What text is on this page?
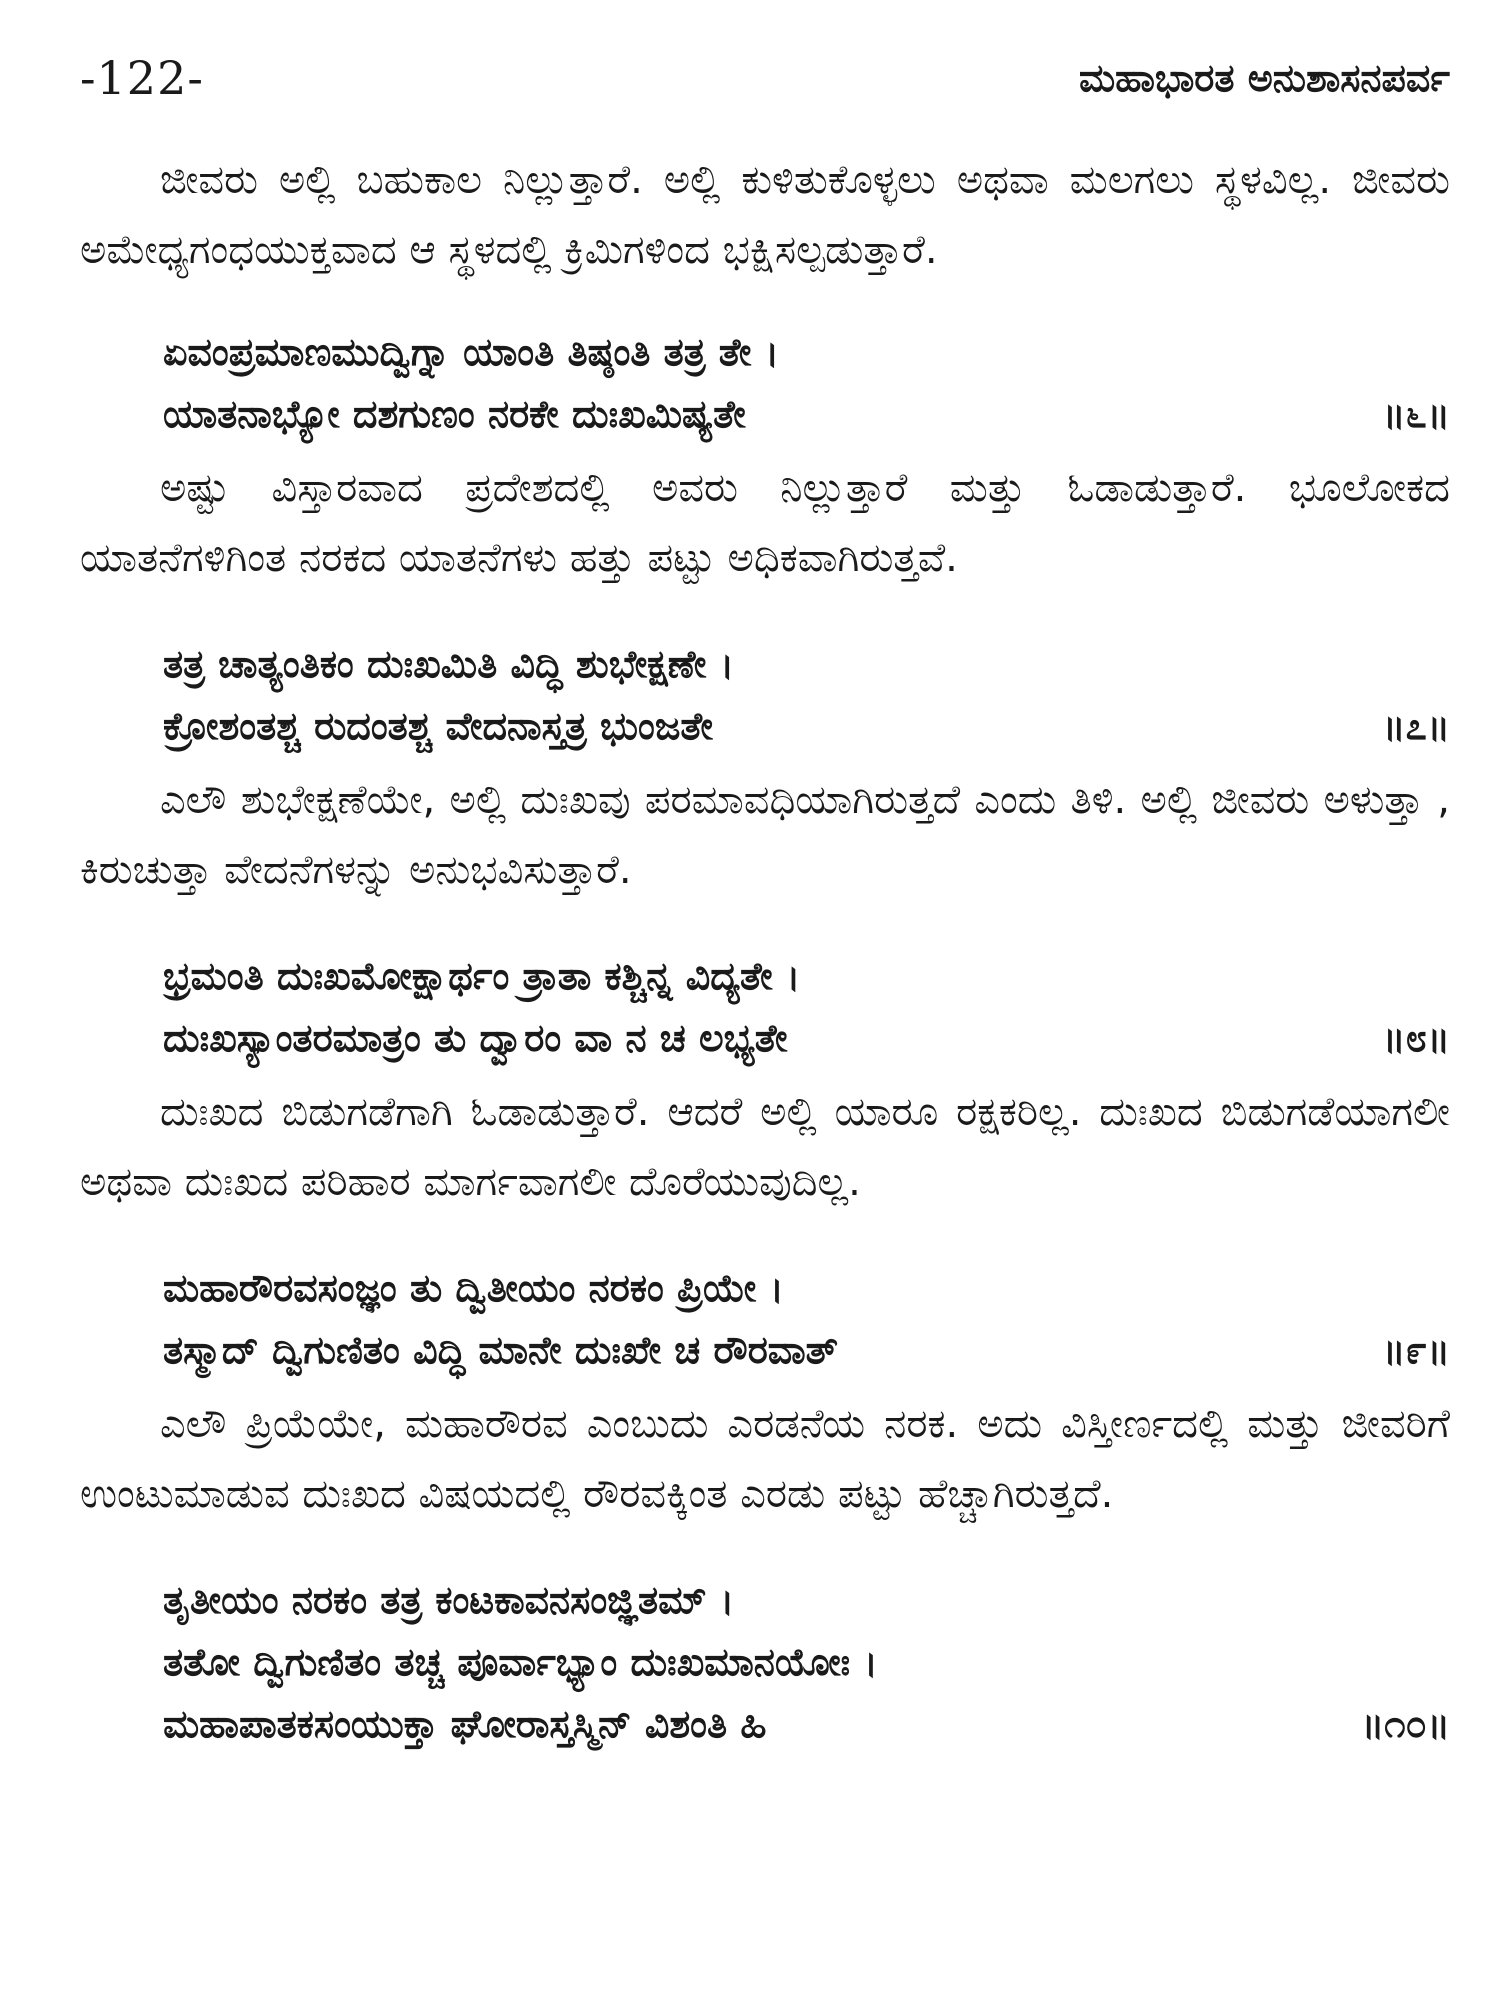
-122-	ಮಹಾಭಾರತ ಅನುಶಾಸನಪರ್ವ

ಜೀವರು ಅಲ್ಲಿ ಬಹುಕಾಲ ನಿಲ್ಲುತ್ತಾರೆ. ಅಲ್ಲಿ ಕುಳಿತುಕೊಳ್ಳಲು ಅಥವಾ ಮಲಗಲು ಸ್ಥಳವಿಲ್ಲ. ಜೀವರು ಅಮೇಧ್ಯಗಂಧಯುಕ್ತವಾದ ಆ ಸ್ಥಳದಲ್ಲಿ ಕ್ರಿಮಿಗಳಿಂದ ಭಕ್ಷಿಸಲ್ಪಡುತ್ತಾರೆ.

ಏವಂಪ್ರಮಾಣಮುದ್ವಿಗ್ನಾ ಯಾಂತಿ ತಿಷ್ಠಂತಿ ತತ್ರ ತೇ ।
ಯಾತನಾಭ್ಯೋ ದಶಗುಣಂ ನರಕೇ ದುಃಖಮಿಷ್ಯತೇ	॥೬॥

ಅಷ್ಟು ವಿಸ್ತಾರವಾದ ಪ್ರದೇಶದಲ್ಲಿ ಅವರು ನಿಲ್ಲುತ್ತಾರೆ ಮತ್ತು ಓಡಾಡುತ್ತಾರೆ. ಭೂಲೋಕದ ಯಾತನೆಗಳಿಗಿಂತ ನರಕದ ಯಾತನೆಗಳು ಹತ್ತು ಪಟ್ಟು ಅಧಿಕವಾಗಿರುತ್ತವೆ.

ತತ್ರ ಚಾತ್ಯಂತಿಕಂ ದುಃಖಮಿತಿ ವಿದ್ಧಿ ಶುಭೇಕ್ಷಣೇ ।
ಕ್ರೋಶಂತಶ್ಚ ರುದಂತಶ್ಚ ವೇದನಾಸ್ತತ್ರ ಭುಂಜತೇ	॥೭॥

ಎಲೌ ಶುಭೇಕ್ಷಣೆಯೇ, ಅಲ್ಲಿ ದುಃಖವು ಪರಮಾವಧಿಯಾಗಿರುತ್ತದೆ ಎಂದು ತಿಳಿ. ಅಲ್ಲಿ ಜೀವರು ಅಳುತ್ತಾ , ಕಿರುಚುತ್ತಾ ವೇದನೆಗಳನ್ನು ಅನುಭವಿಸುತ್ತಾರೆ.

ಭ್ರಮಂತಿ ದುಃಖಮೋಕ್ಷಾರ್ಥಂ ತ್ರಾತಾ ಕಶ್ಚಿನ್ನ ವಿದ್ಯತೇ ।
ದುಃಖಸ್ಯಾಂತರಮಾತ್ರಂ ತು ದ್ವಾರಂ ವಾ ನ ಚ ಲಭ್ಯತೇ	॥೮॥

ದುಃಖದ ಬಿಡುಗಡೆಗಾಗಿ ಓಡಾಡುತ್ತಾರೆ. ಆದರೆ ಅಲ್ಲಿ ಯಾರೂ ರಕ್ಷಕರಿಲ್ಲ. ದುಃಖದ ಬಿಡುಗಡೆಯಾಗಲೀ ಅಥವಾ ದುಃಖದ ಪರಿಹಾರ ಮಾರ್ಗವಾಗಲೀ ದೊರೆಯುವುದಿಲ್ಲ.

ಮಹಾರೌರವಸಂಜ್ಞಂ ತು ದ್ವಿತೀಯಂ ನರಕಂ ಪ್ರಿಯೇ ।
ತಸ್ಮಾದ್ ದ್ವಿಗುಣಿತಂ ವಿದ್ಧಿ ಮಾನೇ ದುಃಖೇ ಚ ರೌರವಾತ್	॥೯॥

ಎಲೌ ಪ್ರಿಯೆಯೇ, ಮಹಾರೌರವ ಎಂಬುದು ಎರಡನೆಯ ನರಕ. ಅದು ವಿಸ್ತೀರ್ಣದಲ್ಲಿ ಮತ್ತು ಜೀವರಿಗೆ ಉಂಟುಮಾಡುವ ದುಃಖದ ವಿಷಯದಲ್ಲಿ ರೌರವಕ್ಕಿಂತ ಎರಡು ಪಟ್ಟು ಹೆಚ್ಚಾಗಿರುತ್ತದೆ.

ತೃತೀಯಂ ನರಕಂ ತತ್ರ ಕಂಟಕಾವನಸಂಜ್ಞಿತಮ್ ।
ತತೋ ದ್ವಿಗುಣಿತಂ ತಚ್ಚ ಪೂರ್ವಾಭ್ಯಾಂ ದುಃಖಮಾನಯೋಃ ।
ಮಹಾಪಾತಕಸಂಯುಕ್ತಾ ಘೋರಾಸ್ತಸ್ಮಿನ್ ವಿಶಂತಿ ಹಿ	॥೧೦॥
